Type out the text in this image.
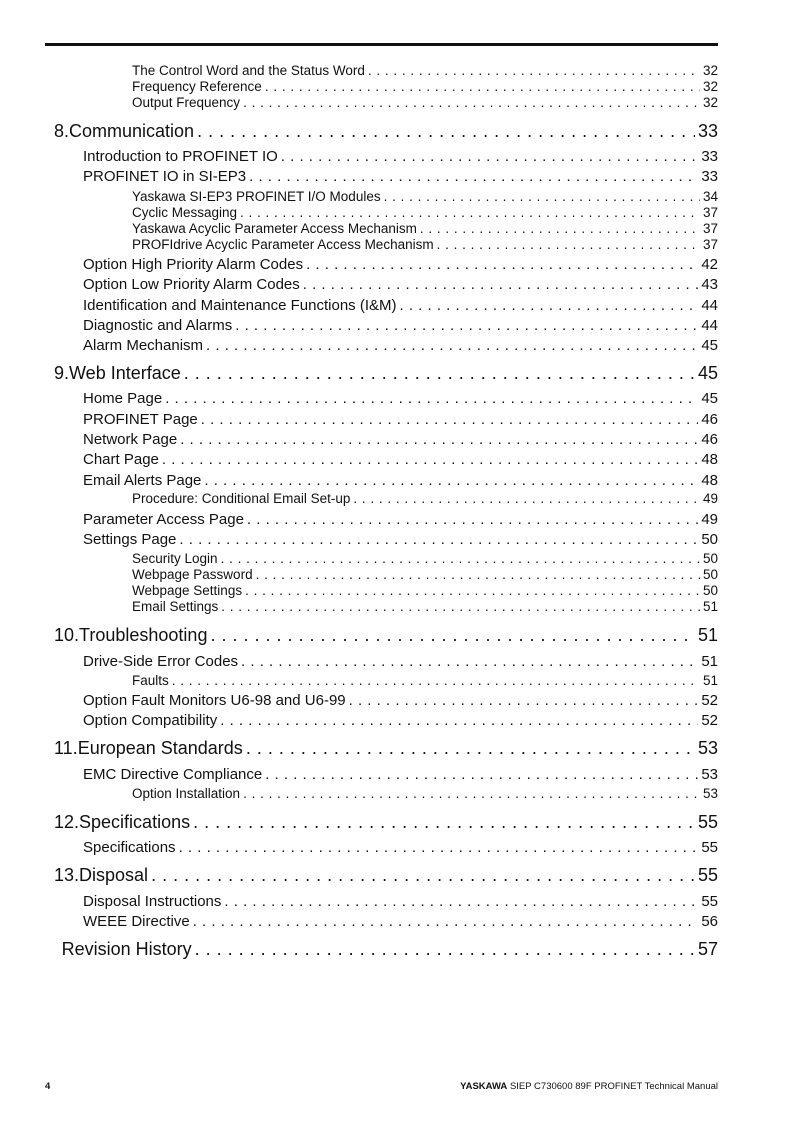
The Control Word and the Status Word . . .	32
Frequency Reference . . .	32
Output Frequency . . .	32
8. Communication . . .	33
Introduction to PROFINET IO . . .	33
PROFINET IO in SI-EP3 . . .	33
Yaskawa SI-EP3 PROFINET I/O Modules . . .	34
Cyclic Messaging . . .	37
Yaskawa Acyclic Parameter Access Mechanism . . .	37
PROFIdrive Acyclic Parameter Access Mechanism . . .	37
Option High Priority Alarm Codes . . .	42
Option Low Priority Alarm Codes . . .	43
Identification and Maintenance Functions (I&M) . . .	44
Diagnostic and Alarms . . .	44
Alarm Mechanism . . .	45
9. Web Interface . . .	45
Home Page . . .	45
PROFINET Page . . .	46
Network Page . . .	46
Chart Page . . .	48
Email Alerts Page . . .	48
Procedure: Conditional Email Set-up . . .	49
Parameter Access Page . . .	49
Settings Page . . .	50
Security Login . . .	50
Webpage Password . . .	50
Webpage Settings . . .	50
Email Settings . . .	51
10. Troubleshooting . . .	51
Drive-Side Error Codes . . .	51
Faults . . .	51
Option Fault Monitors U6-98 and U6-99 . . .	52
Option Compatibility . . .	52
11. European Standards . . .	53
EMC Directive Compliance . . .	53
Option Installation . . .	53
12. Specifications . . .	55
Specifications . . .	55
13. Disposal . . .	55
Disposal Instructions . . .	55
WEEE Directive . . .	56
Revision History . . .	57
4	YASKAWA SIEP C730600 89F PROFINET Technical Manual
